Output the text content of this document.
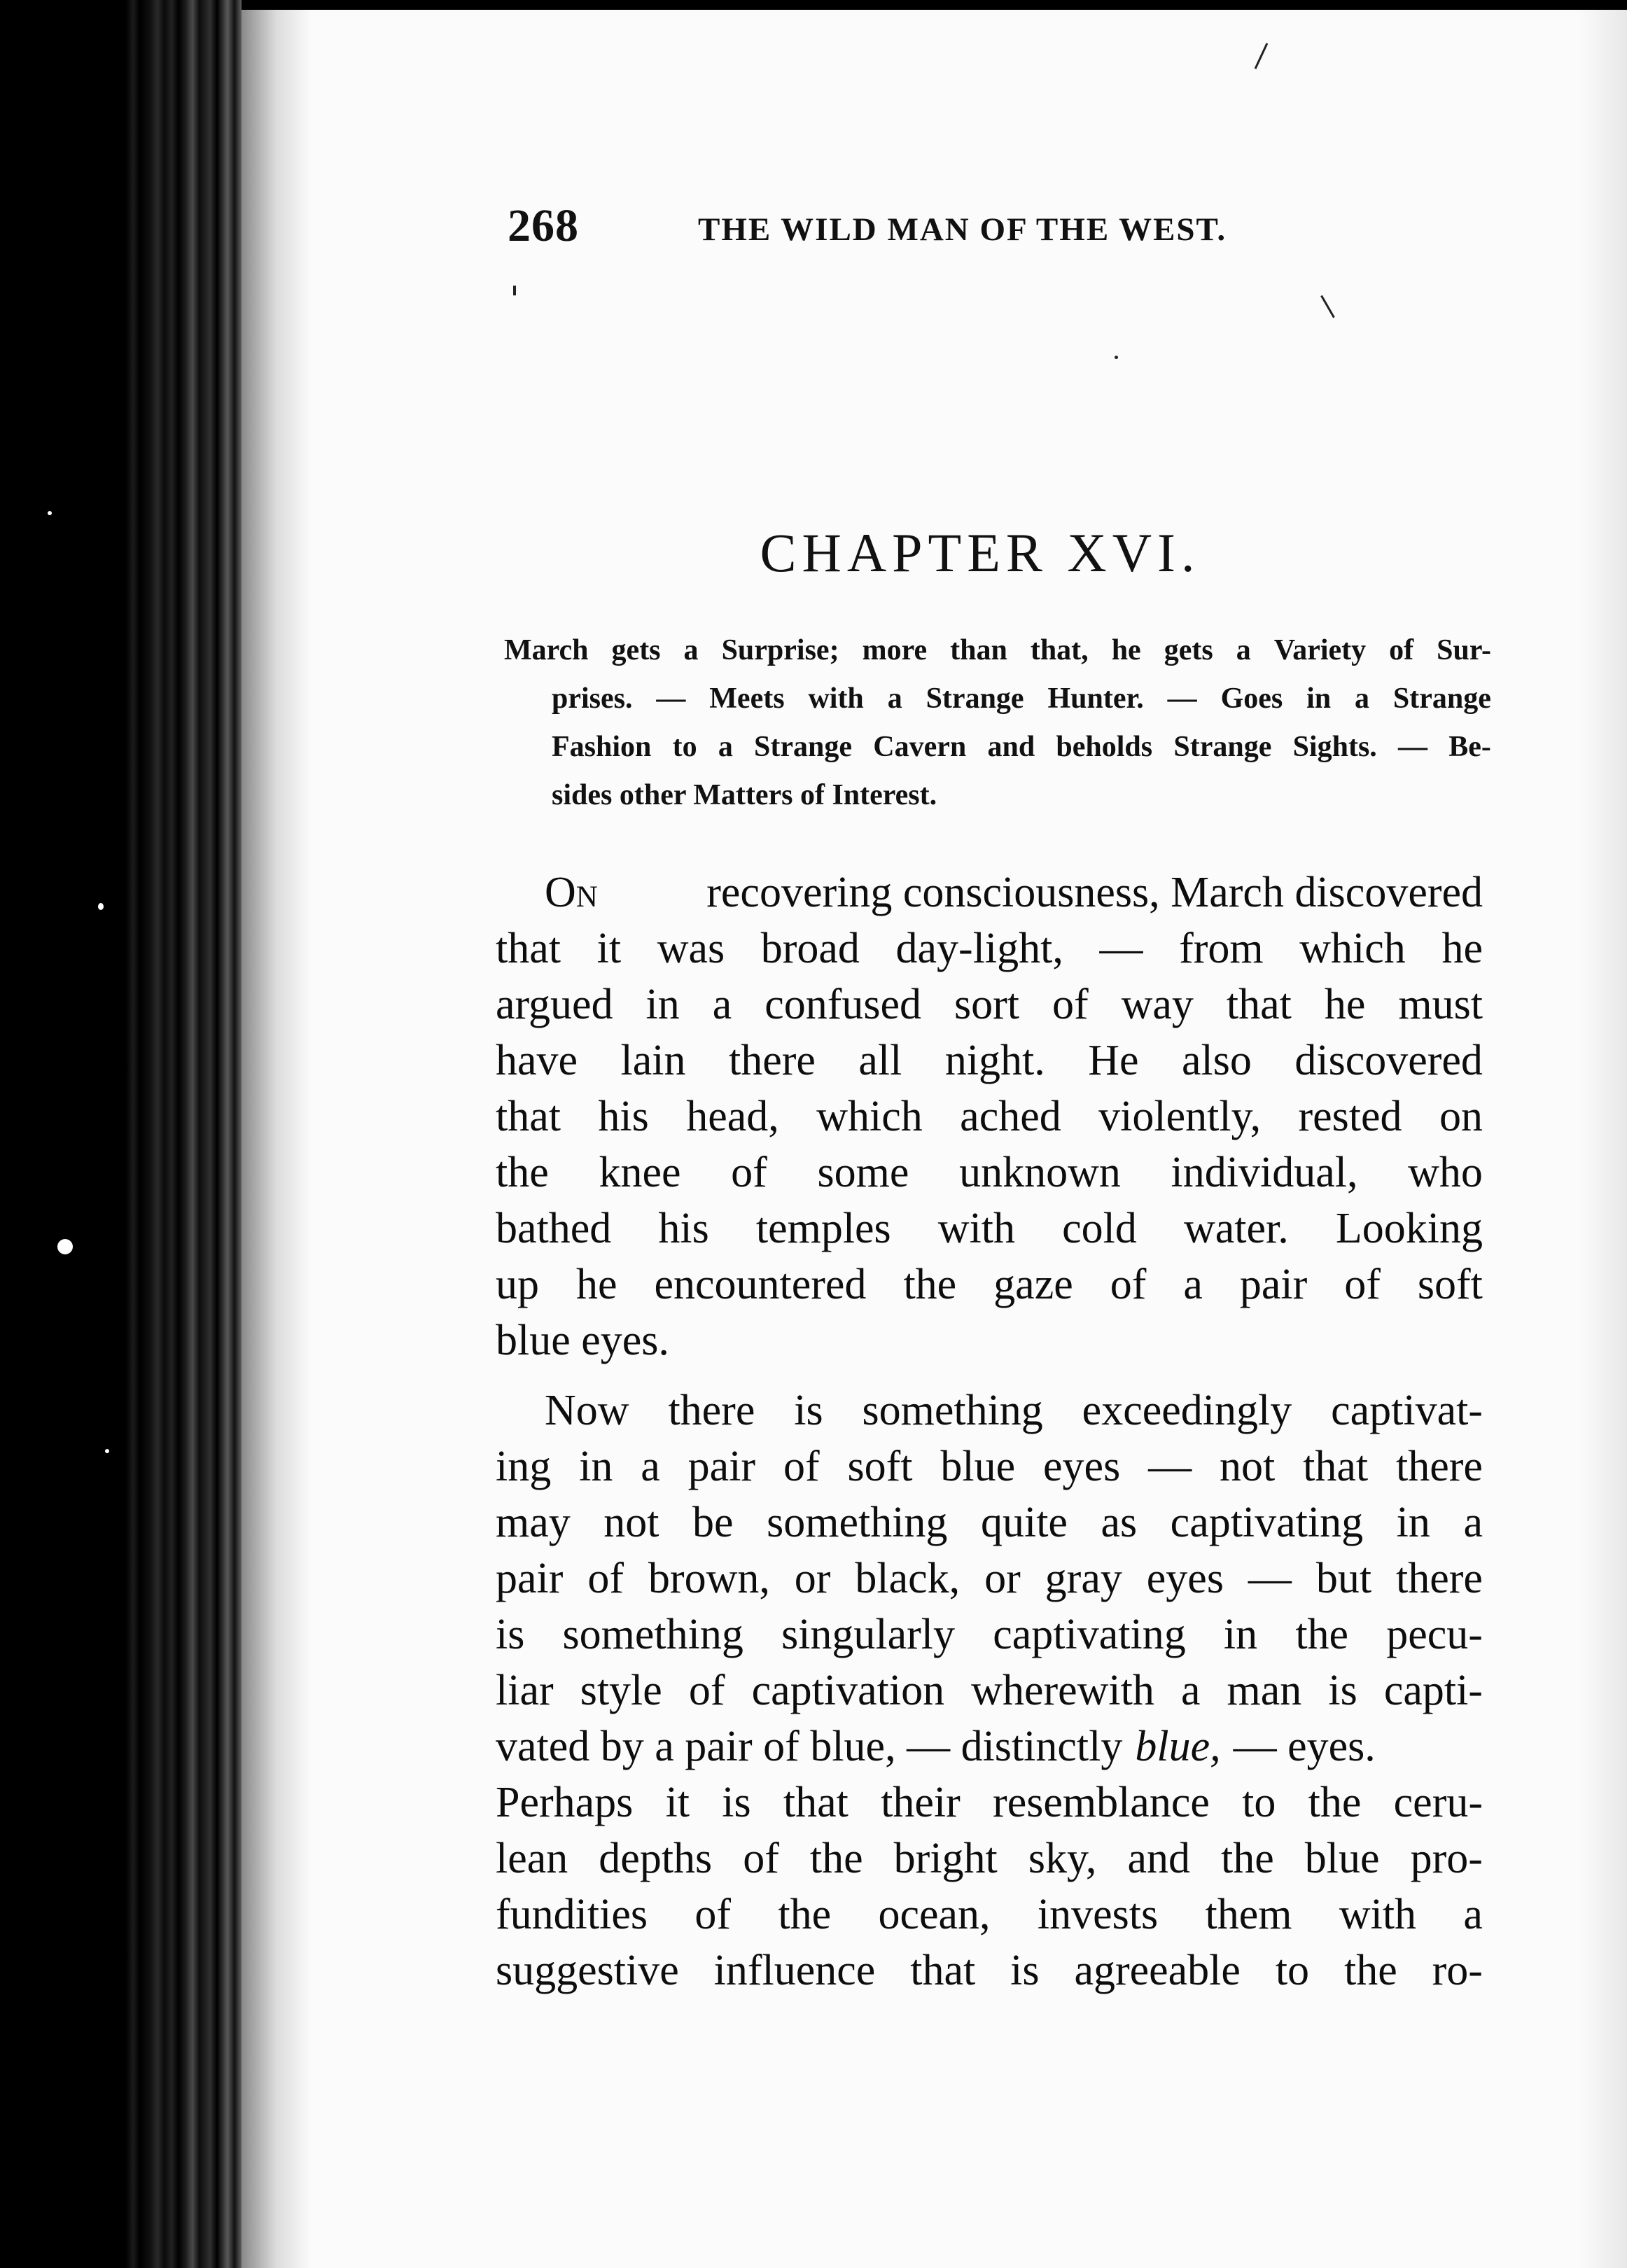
268	THE WILD MAN OF THE WEST.
CHAPTER XVI.
March gets a Surprise; more than that, he gets a Variety of Sur-
prises. — Meets with a Strange Hunter. — Goes in a Strange
Fashion to a Strange Cavern and beholds Strange Sights. — Be-
sides other Matters of Interest.
On	recovering consciousness, March discovered
that it was broad day-light, — from which he
argued in a confused sort of way that he must
have lain there all night. He also discovered
that his head, which ached violently, rested on
the knee of some unknown individual, who
bathed his temples with cold water. Looking
up he encountered the gaze of a pair of soft
blue eyes.
Now there is something exceedingly captivat-
ing in a pair of soft blue eyes — not that there
may not be something quite as captivating in a
pair of brown, or black, or gray eyes — but there
is something singularly captivating in the pecu-
liar style of captivation wherewith a man is capti-
vated by a pair of blue, — distinctly blue, — eyes.
Perhaps it is that their resemblance to the ceru-
lean depths of the bright sky, and the blue pro-
fundities of the ocean, invests them with a
suggestive influence that is agreeable to the ro-
